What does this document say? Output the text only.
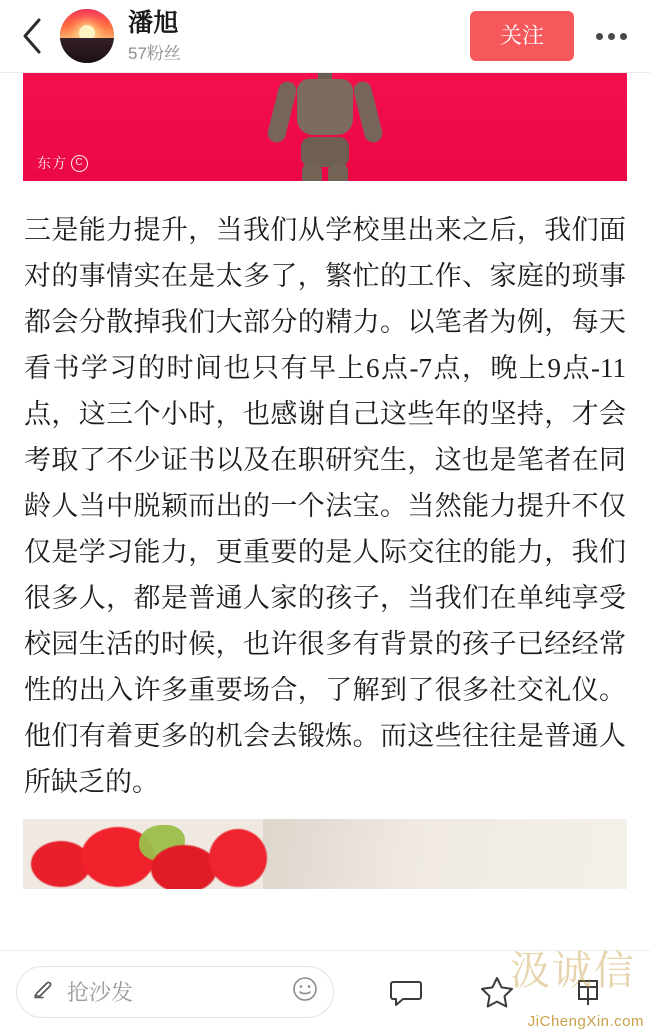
潘旭
57粉丝
关注
东方 C

三是能力提升，当我们从学校里出来之后，我们面对的事情实在是太多了，繁忙的工作、家庭的琐事都会分散掉我们大部分的精力。以笔者为例，每天看书学习的时间也只有早上6点-7点，晚上9点-11点，这三个小时，也感谢自己这些年的坚持，才会考取了不少证书以及在职研究生，这也是笔者在同龄人当中脱颖而出的一个法宝。当然能力提升不仅仅是学习能力，更重要的是人际交往的能力，我们很多人，都是普通人家的孩子，当我们在单纯享受校园生活的时候，也许很多有背景的孩子已经经常性的出入许多重要场合，了解到了很多社交礼仪。他们有着更多的机会去锻炼。而这些往往是普通人所缺乏的。

抢沙发	汲诚信
JiChengXin.com
